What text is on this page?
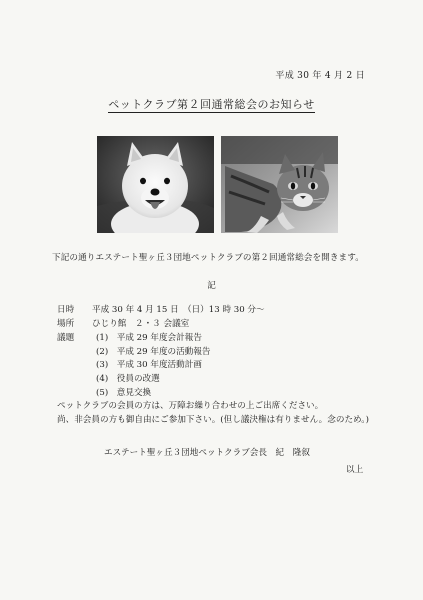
平成 30 年 4 月 2 日
ペットクラブ第２回通常総会のお知らせ
下記の通りエステート聖ヶ丘３団地ペットクラブの第２回通常総会を開きます。
記
日時 平成 30 年 4 月 15 日　（日）13 時 30 分～
場所 ひじり館　２・３ 会議室
議題	(1)　平成 29 年度会計報告
(2)　平成 29 年度の活動報告
(3)　平成 30 年度活動計画
(4)　役員の改選
(5)　意見交換
ペットクラブの会員の方は、万障お繰り合わせの上ご出席ください。
尚、非会員の方も御自由にご参加下さい。(但し議決権は有りません。念のため。)
エステート聖ヶ丘３団地ペットクラブ会長　紀　隆叙
以上
